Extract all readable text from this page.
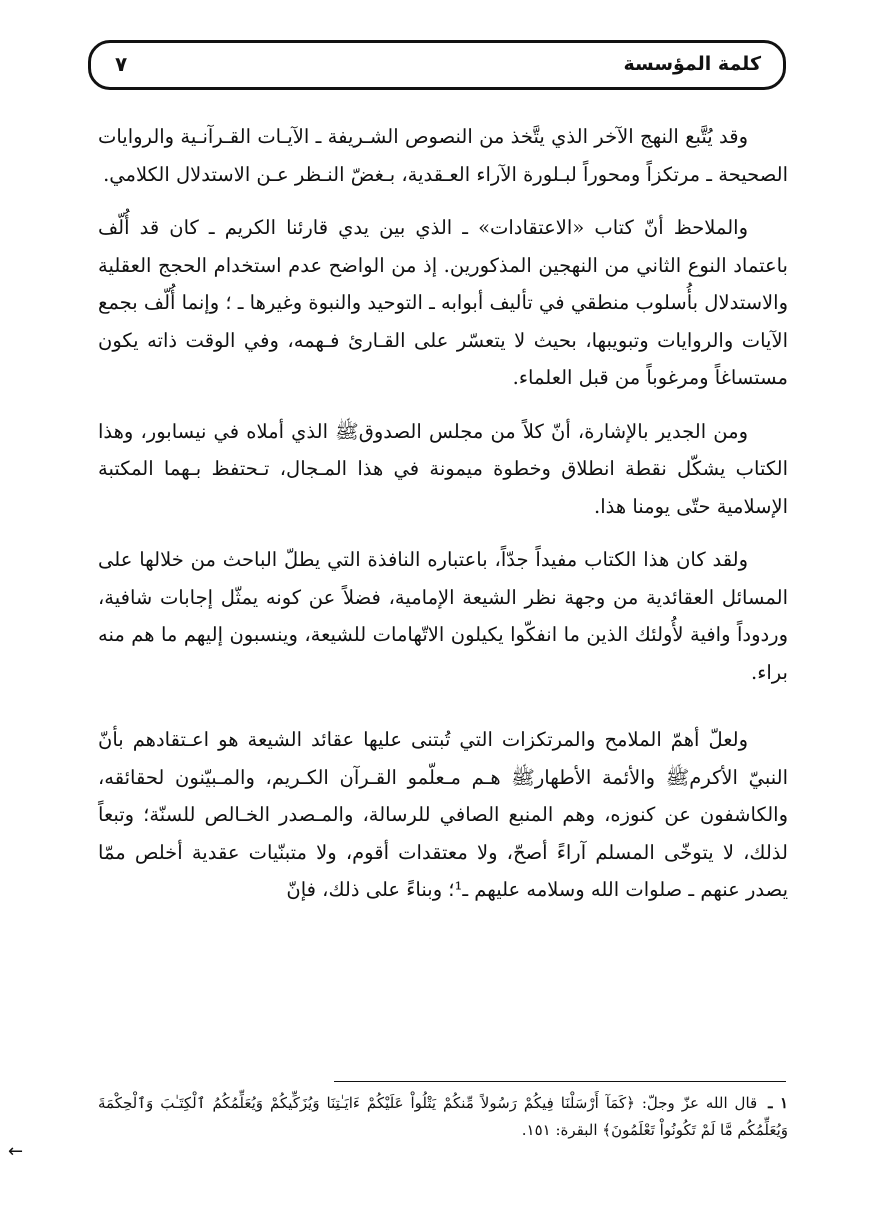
كلمة المؤسسة
٧

وقد يُتَّبع النهج الآخر الذي يتَّخذ من النصوص الشـريفة ـ الآيـات القـرآنـية والروايات الصحيحة ـ مرتكزاً ومحوراً لبـلورة الآراء العـقدية، بـغضّ النـظر عـن الاستدلال الكلامي.

والملاحظ أنّ كتاب «الاعتقادات» ـ الذي بين يدي قارئنا الكريم ـ كان قد أُلّف باعتماد النوع الثاني من النهجين المذكورين. إذ من الواضح عدم استخدام الحجج العقلية والاستدلال بأُسلوب منطقي في تأليف أبوابه ـ التوحيد والنبوة وغيرها ـ ؛ وإنما أُلّف بجمع الآيات والروايات وتبويبها، بحيث لا يتعسّر على القـارئ فـهمه، وفي الوقت ذاته يكون مستساغاً ومرغوباً من قبل العلماء.

ومن الجدير بالإشارة، أنّ كلاً من مجلس الصدوقﷺ الذي أملاه في نيسابور، وهذا الكتاب يشكّل نقطة انطلاق وخطوة ميمونة في هذا المـجال، تـحتفظ بـهما المكتبة الإسلامية حتّى يومنا هذا.

ولقد كان هذا الكتاب مفيداً جدّاً، باعتباره النافذة التي يطلّ الباحث من خلالها على المسائل العقائدية من وجهة نظر الشيعة الإمامية، فضلاً عن كونه يمثّل إجابات شافية، وردوداً وافية لأُولئك الذين ما انفكّوا يكيلون الاتّهامات للشيعة، وينسبون إليهم ما هم منه براء.

ولعلّ أهمّ الملامح والمرتكزات التي تُبتنى عليها عقائد الشيعة هو اعـتقادهم بأنّ النبيّ الأكرمﷺ والأئمة الأطهارﷺ هـم مـعلّمو القـرآن الكـريم، والمـبيّنون لحقائقه، والكاشفون عن كنوزه، وهم المنبع الصافي للرسالة، والمـصدر الخـالص للسنّة؛ وتبعاً لذلك، لا يتوخّى المسلم آراءً أصحّ، ولا معتقدات أقوم، ولا متبنّيات عقدية أخلص ممّا يصدر عنهم ـ صلوات الله وسلامه عليهم ـ¹؛ وبناءً على ذلك، فإنّ

١ ـ قال الله عزّ وجلّ: ﴿كَمَآ أَرْسَلْنَا فِيكُمْ رَسُولاً مِّنكُمْ يَتْلُواْ عَلَيْكُمْ ءَايَـٰتِنَا وَيُزَكِّيكُمْ وَيُعَلِّمُكُمُ ٱلْكِتَـٰبَ وَٱلْحِكْمَةَ وَيُعَلِّمُكُم مَّا لَمْ تَكُونُواْ تَعْلَمُونَ﴾ البقرة: ١٥١.
←
